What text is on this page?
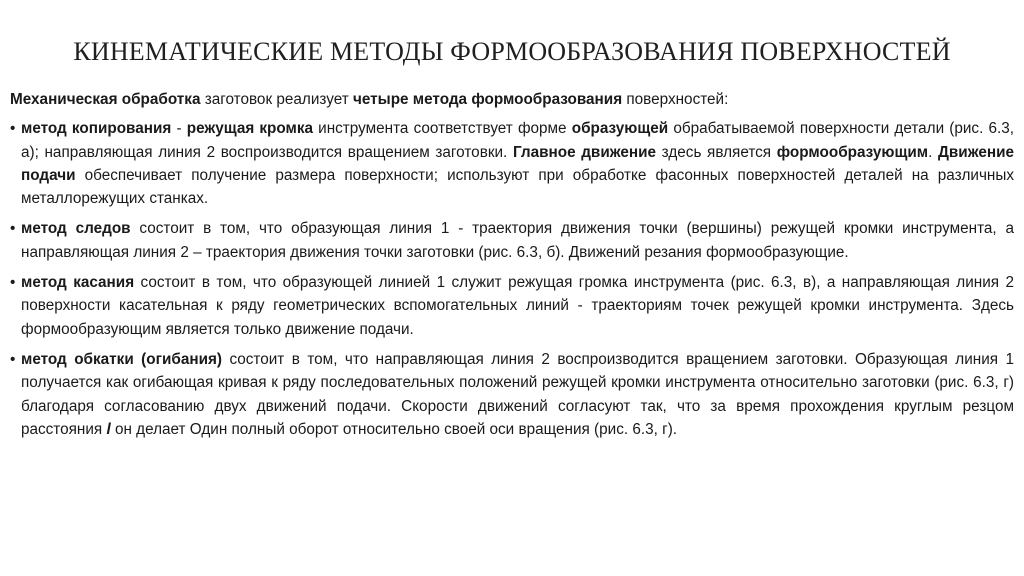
КИНЕМАТИЧЕСКИЕ МЕТОДЫ ФОРМООБРАЗОВАНИЯ ПОВЕРХНОСТЕЙ

Механическая обработка заготовок реализует четыре метода формообразования поверхностей:

• метод копирования - режущая кромка инструмента соответствует форме образующей обрабатываемой поверхности детали (рис. 6.3, а); направляющая линия 2 воспроизводится вращением заготовки. Главное движение здесь является формообразующим. Движение подачи обеспечивает получение размера поверхности; используют при обработке фасонных поверхностей деталей на различных металлорежущих станках.
• метод следов состоит в том, что образующая линия 1 - траектория движения точки (вершины) режущей кромки инструмента, а направляющая линия 2 – траектория движения точки заготовки (рис. 6.3, б). Движений резания формообразующие.
• метод касания состоит в том, что образующей линией 1 служит режущая громка инструмента (рис. 6.3, в), а направляющая линия 2 поверхности касательная к ряду геометрических вспомогательных линий - траекториям точек режущей кромки инструмента. Здесь формообразующим является только движение подачи.
• метод обкатки (огибания) состоит в том, что направляющая линия 2 воспроизводится вращением заготовки. Образующая линия 1 получается как огибающая кривая к ряду последовательных положений режущей кромки инструмента относительно заготовки (рис. 6.3, г) благодаря согласованию двух движений подачи. Скорости движений согласуют так, что за время прохождения круглым резцом расстояния l он делает Один полный оборот относительно своей оси вращения (рис. 6.3, г).
